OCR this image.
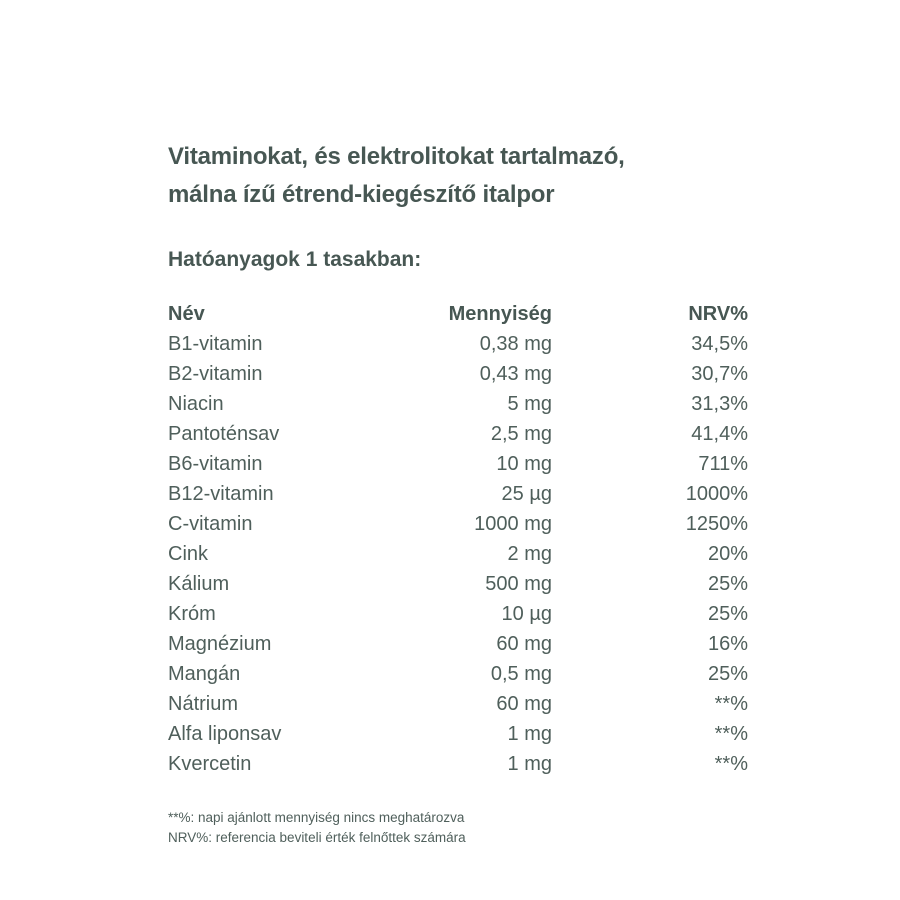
Vitaminokat, és elektrolitokat tartalmazó,
málna ízű étrend-kiegészítő italpor
Hatóanyagok 1 tasakban:
Név	Mennyiség	NRV%
B1-vitamin	0,38 mg	34,5%
B2-vitamin	0,43 mg	30,7%
Niacin	5 mg	31,3%
Pantoténsav	2,5 mg	41,4%
B6-vitamin	10 mg	711%
B12-vitamin	25 µg	1000%
C-vitamin	1000 mg	1250%
Cink	2 mg	20%
Kálium	500 mg	25%
Króm	10 µg	25%
Magnézium	60 mg	16%
Mangán	0,5 mg	25%
Nátrium	60 mg	**%
Alfa liponsav	1 mg	**%
Kvercetin	1 mg	**%
**%: napi ajánlott mennyiség nincs meghatározva
NRV%: referencia beviteli érték felnőttek számára
